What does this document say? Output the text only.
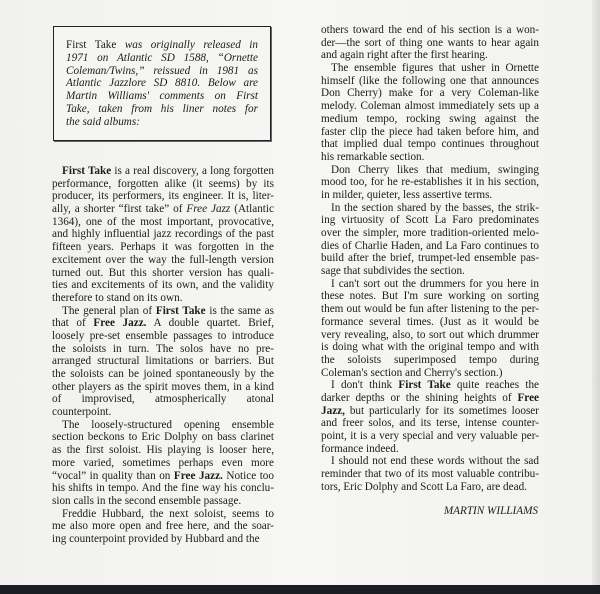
First Take was originally released in
1971 on Atlantic SD 1588, “Ornette
Coleman/Twins,” reissued in 1981 as
Atlantic Jazzlore SD 8810. Below are
Martin Williams' comments on First
Take, taken from his liner notes for
the said albums:
First Take is a real discovery, a long forgotten
performance, forgotten alike (it seems) by its
producer, its performers, its engineer. It is, liter-
ally, a shorter “first take” of Free Jazz (Atlantic
1364), one of the most important, provocative,
and highly influential jazz recordings of the past
fifteen years. Perhaps it was forgotten in the
excitement over the way the full-length version
turned out. But this shorter version has quali-
ties and excitements of its own, and the validity
therefore to stand on its own.
The general plan of First Take is the same as
that of Free Jazz. A double quartet. Brief,
loosely pre-set ensemble passages to introduce
the soloists in turn. The solos have no pre-
arranged structural limitations or barriers. But
the soloists can be joined spontaneously by the
other players as the spirit moves them, in a kind
of improvised, atmospherically atonal
counterpoint.
The loosely-structured opening ensemble
section beckons to Eric Dolphy on bass clarinet
as the first soloist. His playing is looser here,
more varied, sometimes perhaps even more
“vocal” in quality than on Free Jazz. Notice too
his shifts in tempo. And the fine way his conclu-
sion calls in the second ensemble passage.
Freddie Hubbard, the next soloist, seems to
me also more open and free here, and the soar-
ing counterpoint provided by Hubbard and the
others toward the end of his section is a won-
der—the sort of thing one wants to hear again
and again right after the first hearing.
The ensemble figures that usher in Ornette
himself (like the following one that announces
Don Cherry) make for a very Coleman-like
melody. Coleman almost immediately sets up a
medium tempo, rocking swing against the
faster clip the piece had taken before him, and
that implied dual tempo continues throughout
his remarkable section.
Don Cherry likes that medium, swinging
mood too, for he re-establishes it in his section,
in milder, quieter, less assertive terms.
In the section shared by the basses, the strik-
ing virtuosity of Scott La Faro predominates
over the simpler, more tradition-oriented melo-
dies of Charlie Haden, and La Faro continues to
build after the brief, trumpet-led ensemble pas-
sage that subdivides the section.
I can't sort out the drummers for you here in
these notes. But I'm sure working on sorting
them out would be fun after listening to the per-
formance several times. (Just as it would be
very revealing, also, to sort out which drummer
is doing what with the original tempo and with
the soloists superimposed tempo during
Coleman's section and Cherry's section.)
I don't think First Take quite reaches the
darker depths or the shining heights of Free
Jazz, but particularly for its sometimes looser
and freer solos, and its terse, intense counter-
point, it is a very special and very valuable per-
formance indeed.
I should not end these words without the sad
reminder that two of its most valuable contribu-
tors, Eric Dolphy and Scott La Faro, are dead.
MARTIN WILLIAMS
